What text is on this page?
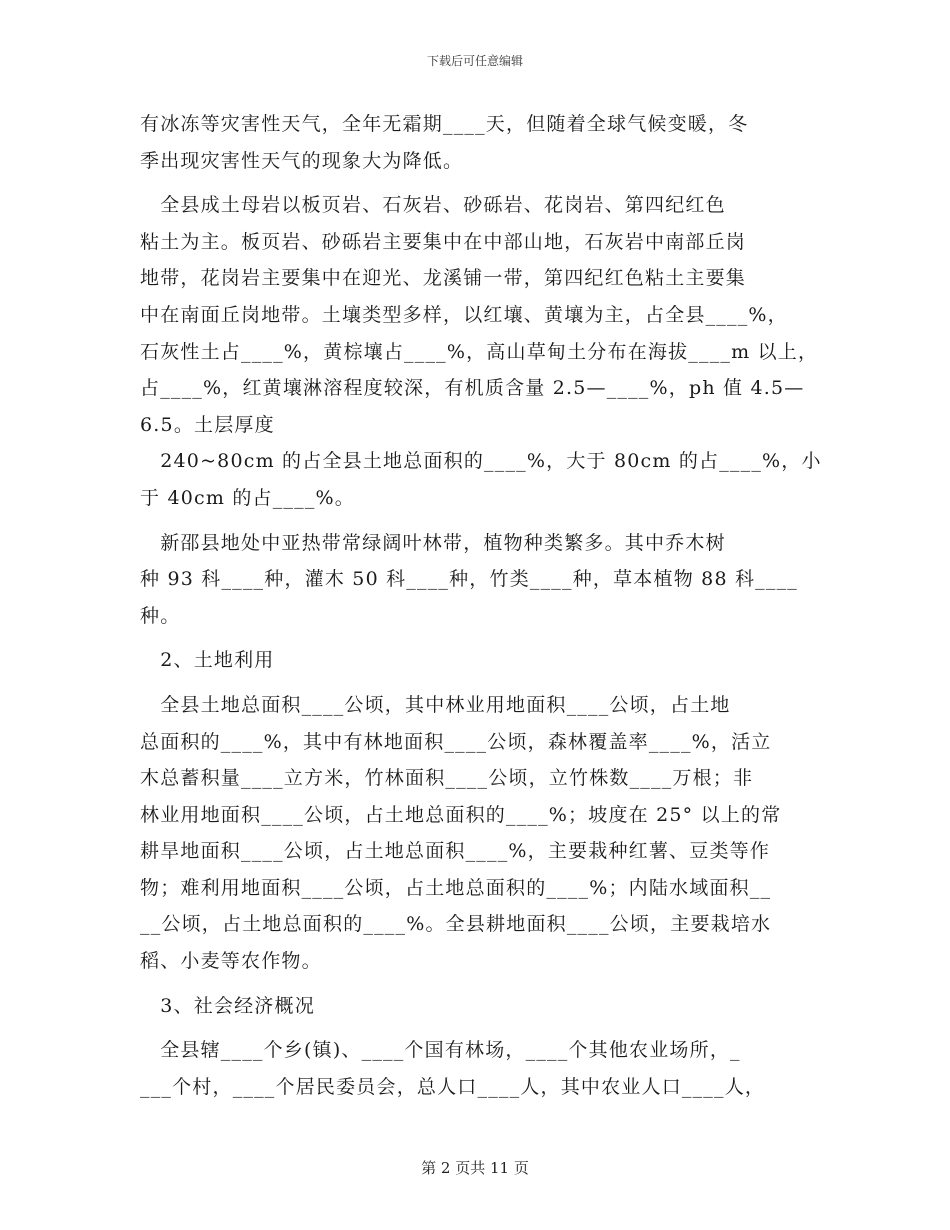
下载后可任意编辑
有冰冻等灾害性天气，全年无霜期____天，但随着全球气候变暖，冬
季出现灾害性天气的现象大为降低。
　全县成土母岩以板页岩、石灰岩、砂砾岩、花岗岩、第四纪红色
粘土为主。板页岩、砂砾岩主要集中在中部山地，石灰岩中南部丘岗
地带，花岗岩主要集中在迎光、龙溪铺一带，第四纪红色粘土主要集
中在南面丘岗地带。土壤类型多样，以红壤、黄壤为主，占全县____%，
石灰性土占____%，黄棕壤占____%，高山草甸土分布在海拔____m 以上，
占____%，红黄壤淋溶程度较深，有机质含量 2.5—____%，ph 值 4.5—
6.5。土层厚度
　240~80cm 的占全县土地总面积的____%，大于 80cm 的占____%，小
于 40cm 的占____%。
　新邵县地处中亚热带常绿阔叶林带，植物种类繁多。其中乔木树
种 93 科____种，灌木 50 科____种，竹类____种，草本植物 88 科____
种。
　2、土地利用
　全县土地总面积____公顷，其中林业用地面积____公顷，占土地
总面积的____%，其中有林地面积____公顷，森林覆盖率____%，活立
木总蓄积量____立方米，竹林面积____公顷，立竹株数____万根；非
林业用地面积____公顷，占土地总面积的____%；坡度在 25° 以上的常
耕旱地面积____公顷，占土地总面积____%，主要栽种红薯、豆类等作
物；难利用地面积____公顷，占土地总面积的____%；内陆水域面积__
__公顷，占土地总面积的____%。全县耕地面积____公顷，主要栽培水
稻、小麦等农作物。
　3、社会经济概况
　全县辖____个乡(镇)、____个国有林场，____个其他农业场所，_
___个村，____个居民委员会，总人口____人，其中农业人口____人，
第 2 页共 11 页
